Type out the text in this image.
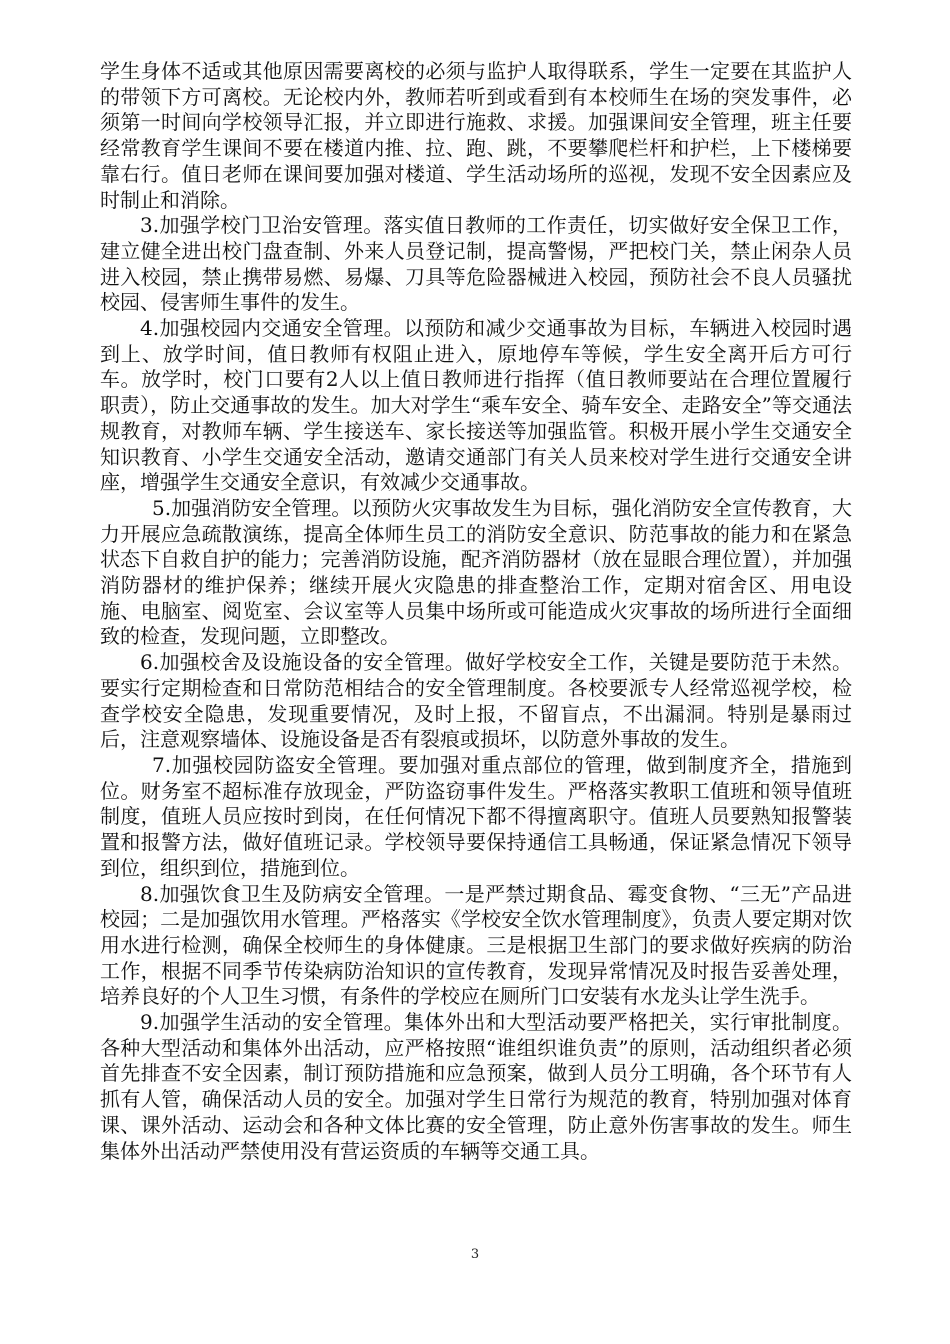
学生身体不适或其他原因需要离校的必须与监护人取得联系，学生一定要在其监护人的带领下方可离校。无论校内外，教师若听到或看到有本校师生在场的突发事件，必须第一时间向学校领导汇报，并立即进行施救、求援。加强课间安全管理，班主任要经常教育学生课间不要在楼道内推、拉、跑、跳，不要攀爬栏杆和护栏，上下楼梯要靠右行。值日老师在课间要加强对楼道、学生活动场所的巡视，发现不安全因素应及时制止和消除。

3.加强学校门卫治安管理。落实值日教师的工作责任，切实做好安全保卫工作，建立健全进出校门盘查制、外来人员登记制，提高警惕，严把校门关，禁止闲杂人员进入校园，禁止携带易燃、易爆、刀具等危险器械进入校园，预防社会不良人员骚扰校园、侵害师生事件的发生。

4.加强校园内交通安全管理。以预防和减少交通事故为目标，车辆进入校园时遇到上、放学时间，值日教师有权阻止进入，原地停车等候，学生安全离开后方可行车。放学时，校门口要有2人以上值日教师进行指挥（值日教师要站在合理位置履行职责），防止交通事故的发生。加大对学生“乘车安全、骑车安全、走路安全”等交通法规教育，对教师车辆、学生接送车、家长接送等加强监管。积极开展小学生交通安全知识教育、小学生交通安全活动，邀请交通部门有关人员来校对学生进行交通安全讲座，增强学生交通安全意识，有效减少交通事故。

5.加强消防安全管理。以预防火灾事故发生为目标，强化消防安全宣传教育，大力开展应急疏散演练，提高全体师生员工的消防安全意识、防范事故的能力和在紧急状态下自救自护的能力；完善消防设施，配齐消防器材（放在显眼合理位置），并加强消防器材的维护保养；继续开展火灾隐患的排查整治工作，定期对宿舍区、用电设施、电脑室、阅览室、会议室等人员集中场所或可能造成火灾事故的场所进行全面细致的检查，发现问题，立即整改。

6.加强校舍及设施设备的安全管理。做好学校安全工作，关键是要防范于未然。要实行定期检查和日常防范相结合的安全管理制度。各校要派专人经常巡视学校，检查学校安全隐患，发现重要情况，及时上报，不留盲点，不出漏洞。特别是暴雨过后，注意观察墙体、设施设备是否有裂痕或损坏，以防意外事故的发生。

7.加强校园防盗安全管理。要加强对重点部位的管理，做到制度齐全，措施到位。财务室不超标准存放现金，严防盗窃事件发生。严格落实教职工值班和领导值班制度，值班人员应按时到岗，在任何情况下都不得擅离职守。值班人员要熟知报警装置和报警方法，做好值班记录。学校领导要保持通信工具畅通，保证紧急情况下领导到位，组织到位，措施到位。

8.加强饮食卫生及防病安全管理。一是严禁过期食品、霉变食物、“三无”产品进校园；二是加强饮用水管理。严格落实《学校安全饮水管理制度》，负责人要定期对饮用水进行检测，确保全校师生的身体健康。三是根据卫生部门的要求做好疾病的防治工作，根据不同季节传染病防治知识的宣传教育，发现异常情况及时报告妥善处理，培养良好的个人卫生习惯，有条件的学校应在厕所门口安装有水龙头让学生洗手。

9.加强学生活动的安全管理。集体外出和大型活动要严格把关，实行审批制度。各种大型活动和集体外出活动，应严格按照“谁组织谁负责”的原则，活动组织者必须首先排查不安全因素，制订预防措施和应急预案，做到人员分工明确，各个环节有人抓有人管，确保活动人员的安全。加强对学生日常行为规范的教育，特别加强对体育课、课外活动、运动会和各种文体比赛的安全管理，防止意外伤害事故的发生。师生集体外出活动严禁使用没有营运资质的车辆等交通工具。

3
